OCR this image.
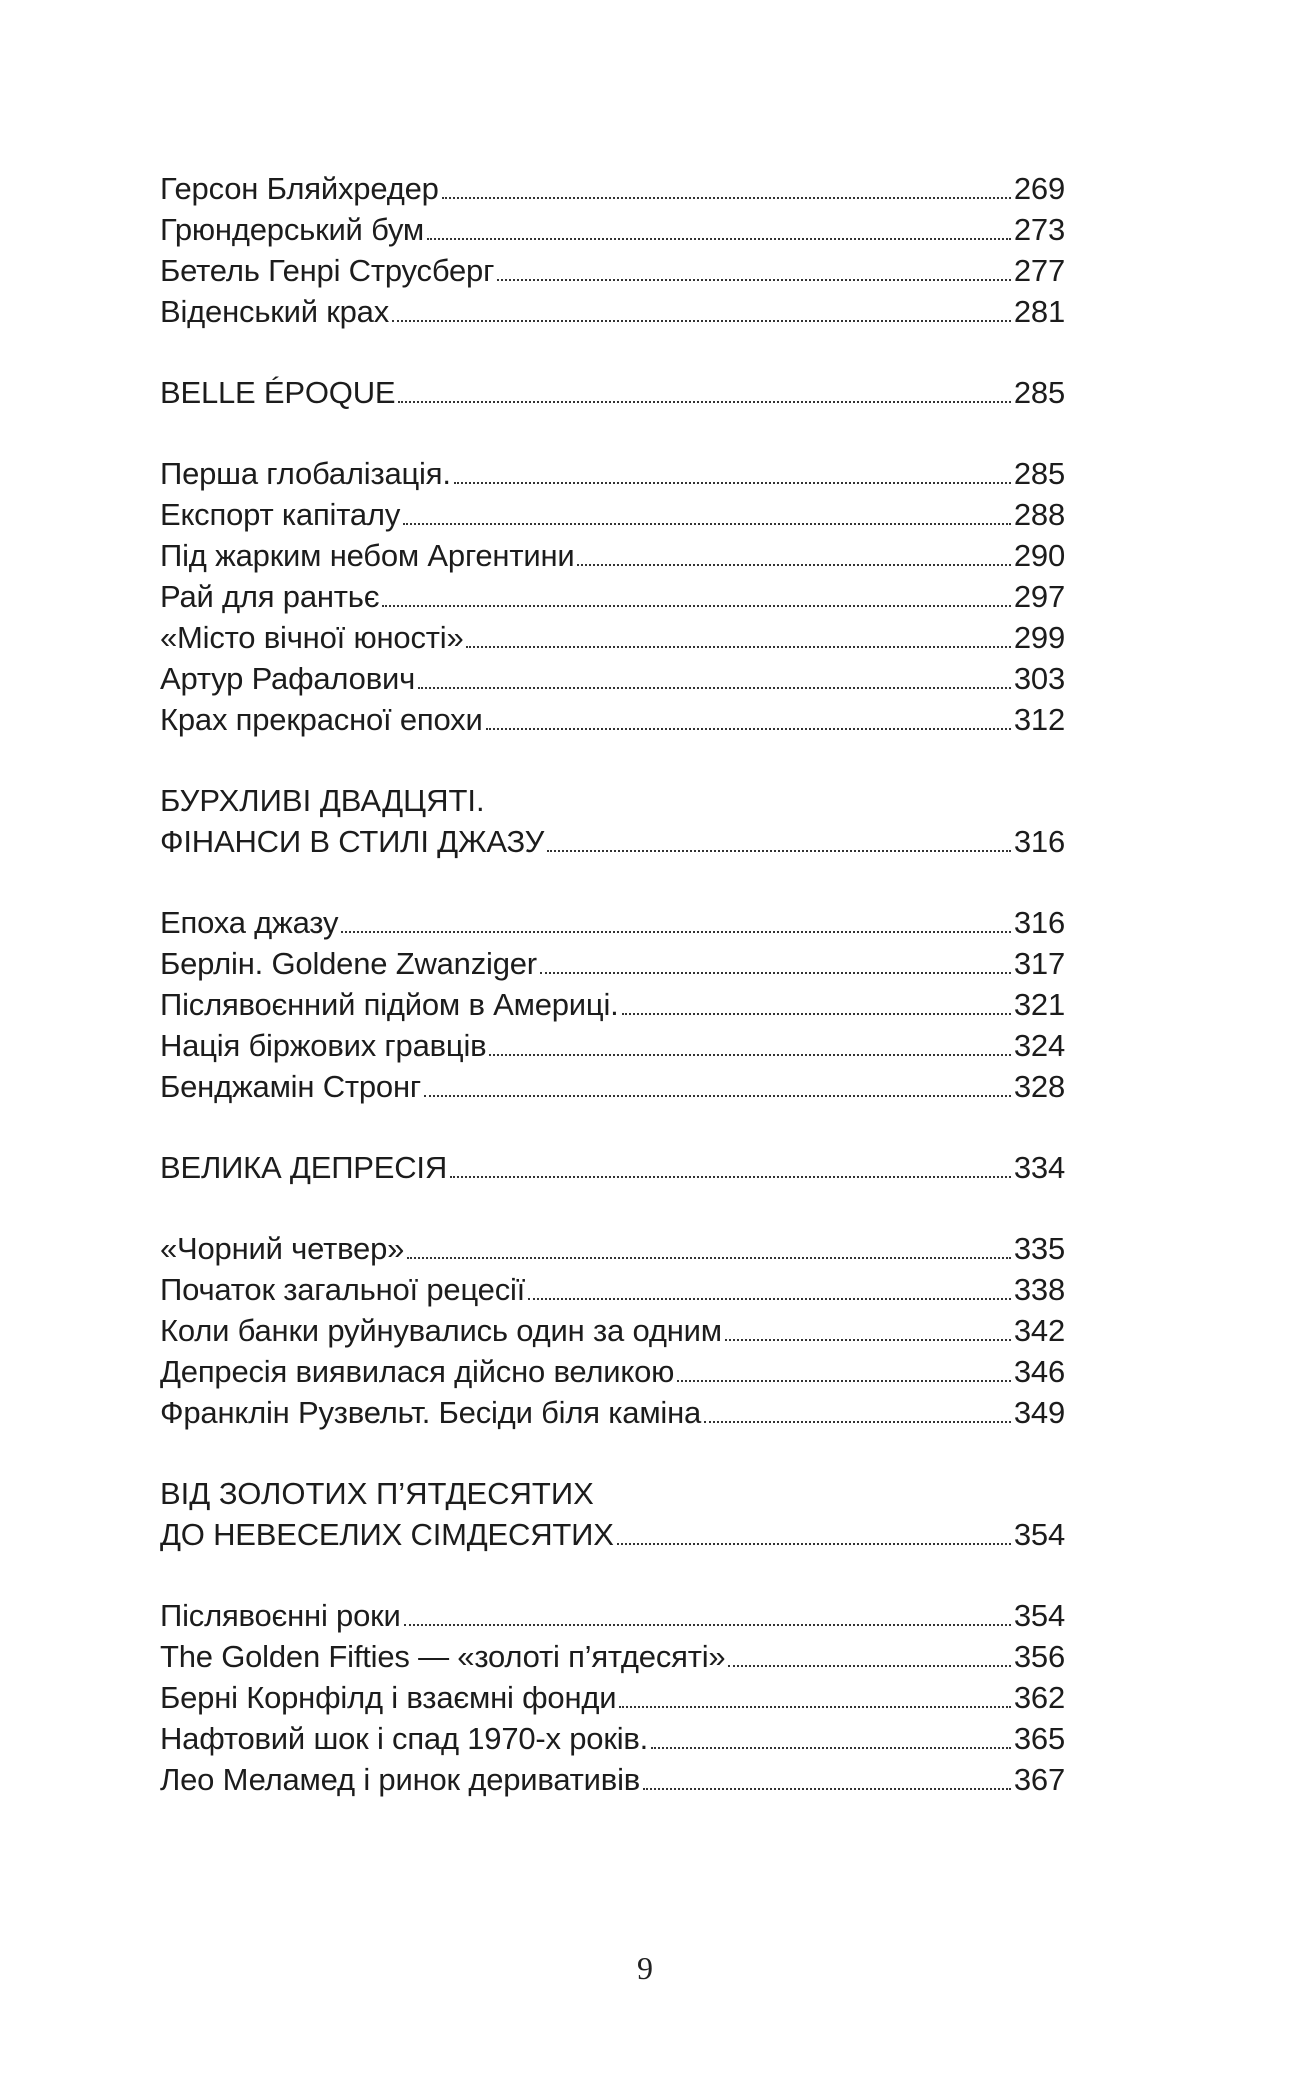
Герсон Бляйхредер	269
Грюндерський бум	273
Бетель Генрі Струсберг	277
Віденський крах	281
BELLE ÉPOQUE	285
Перша глобалізація.	285
Експорт капіталу	288
Під жарким небом Аргентини	290
Рай для рантьє	297
«Місто вічної юності»	299
Артур Рафалович	303
Крах прекрасної епохи	312
БУРХЛИВІ ДВАДЦЯТІ.
ФІНАНСИ В СТИЛІ ДЖАЗУ	316
Епоха джазу	316
Берлін. Goldene Zwanziger	317
Післявоєнний підйом в Америці.	321
Нація біржових гравців	324
Бенджамін Стронг	328
ВЕЛИКА ДЕПРЕСІЯ	334
«Чорний четвер»	335
Початок загальної рецесії	338
Коли банки руйнувались один за одним	342
Депресія виявилася дійсно великою	346
Франклін Рузвельт. Бесіди біля каміна	349
ВІД ЗОЛОТИХ П’ЯТДЕСЯТИХ
ДО НЕВЕСЕЛИХ СІМДЕСЯТИХ	354
Післявоєнні роки	354
The Golden Fifties — «золоті п’ятдесяті»	356
Берні Корнфілд і взаємні фонди	362
Нафтовий шок і спад 1970-х років.	365
Лео Меламед і ринок деривативів	367
9
